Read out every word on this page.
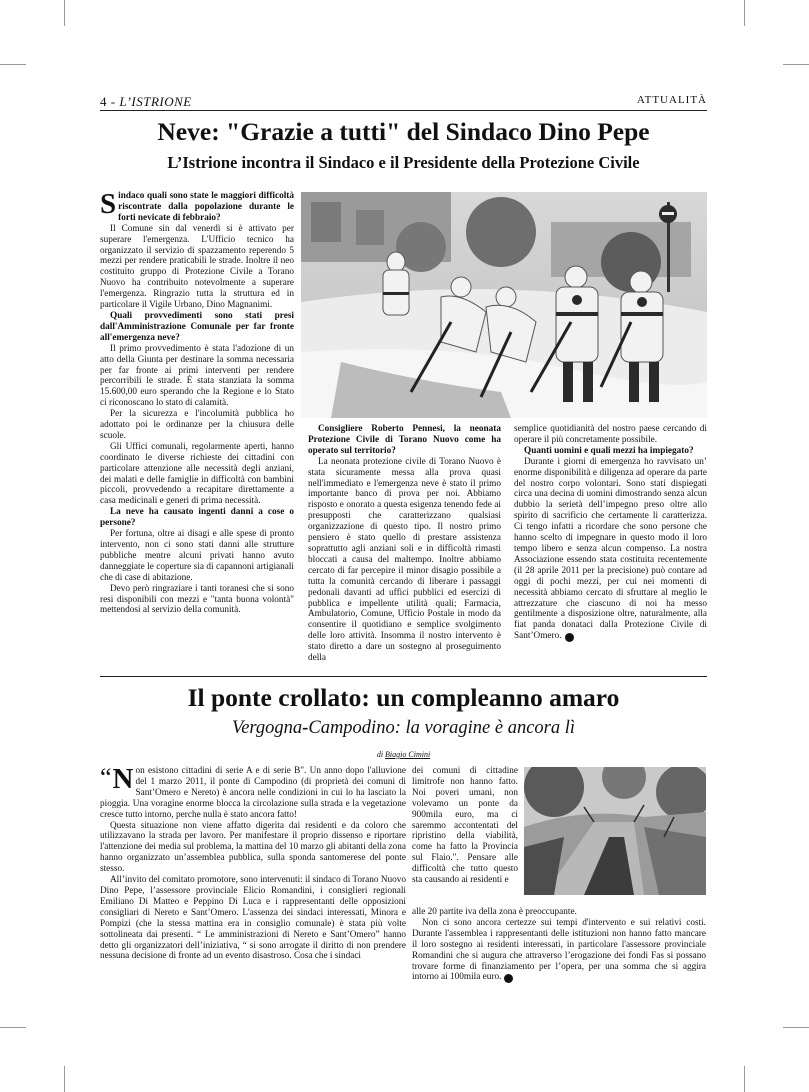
4 - L’ISTRIONE	ATTUALITÀ
Neve: "Grazie a tutti" del Sindaco Dino Pepe
L’Istrione incontra il Sindaco e il Presidente della Protezione Civile

Sindaco quali sono state le maggiori difficoltà riscontrate dalla popolazione durante le forti nevicate di febbraio?

Il Comune sin dal venerdì si è attivato per superare l'emergenza. L'Ufficio tecnico ha organizzato il servizio di spazzamento reperendo 5 mezzi per rendere praticabili le strade. Inoltre il neo costituito gruppo di Protezione Civile a Torano Nuovo ha contribuito notevolmente a superare l'emergenza. Ringrazio tutta la struttura ed in particolare il Vigile Urbano, Dino Magnanimi.

Quali provvedimenti sono stati presi dall'Amministrazione Comunale per far fronte all'emergenza neve?

Il primo provvedimento è stata l'adozione di un atto della Giunta per destinare la somma necessaria per far fronte ai primi interventi per rendere percorribili le strade. È stata stanziata la somma 15.600,00 euro sperando che la Regione e lo Stato ci riconoscano lo stato di calamità.

Per la sicurezza e l'incolumità pubblica ho adottato poi le ordinanze per la chiusura delle scuole.

Gli Uffici comunali, regolarmente aperti, hanno coordinato le diverse richieste dei cittadini con particolare attenzione alle necessità degli anziani, dei malati e delle famiglie in difficoltà con bambini piccoli, provvedendo a recapitare direttamente a casa medicinali e generi di prima necessità.

La neve ha causato ingenti danni a cose o persone?

Per fortuna, oltre ai disagi e alle spese di pronto intervento, non ci sono stati danni alle strutture pubbliche mentre alcuni privati hanno avuto danneggiate le coperture sia di capannoni artigianali che di case di abitazione.

Devo però ringraziare i tanti toranesi che si sono resi disponibili con mezzi e "tanta buona volontà" mettendosi al servizio della comunità.

Consigliere Roberto Pennesi, la neonata Protezione Civile di Torano Nuovo come ha operato sul territorio?

La neonata protezione civile di Torano Nuovo è stata sicuramente messa alla prova quasi nell'immediato e l'emergenza neve è stato il primo importante banco di prova per noi. Abbiamo risposto e onorato a questa esigenza tenendo fede ai presupposti che caratterizzano qualsiasi organizzazione di questo tipo. Il nostro primo pensiero è stato quello di prestare assistenza soprattutto agli anziani soli e in difficoltà rimasti bloccati a causa del maltempo. Inoltre abbiamo cercato di far percepire il minor disagio possibile a tutta la comunità cercando di liberare i passaggi pedonali davanti ad uffici pubblici ed esercizi di pubblica e impellente utilità quali; Farmacia, Ambulatorio, Comune, Ufficio Postale in modo da consentire il quotidiano e semplice svolgimento delle loro attività. Insomma il nostro intervento è stato diretto a dare un sostegno al proseguimento della

semplice quotidianità del nostro paese cercando di operare il più concretamente possibile.

Quanti uomini e quali mezzi ha impiegato?

Durante i giorni di emergenza ho ravvisato un’ enorme disponibilità e diligenza ad operare da parte del nostro corpo volontari. Sono stati dispiegati circa una decina di uomini dimostrando senza alcun dubbio la serietà dell’impegno preso oltre allo spirito di sacrificio che certamente li caratterizza. Ci tengo infatti a ricordare che sono persone che hanno scelto di impegnare in questo modo il loro tempo libero e senza alcun compenso. La nostra Associazione essendo stata costituita recentemente (il 28 aprile 2011 per la precisione) può contare ad oggi di pochi mezzi, per cui nei momenti di necessità abbiamo cercato di sfruttare al meglio le attrezzature che ciascuno di noi ha messo gentilmente a disposizione oltre, naturalmente, alla fiat panda donataci dalla Protezione Civile di Sant’Omero. L

Il ponte crollato: un compleanno amaro
Vergogna-Campodino: la voragine è ancora lì
di Biagio Cimini

“ N on esistono cittadini di serie A e di serie B". Un anno dopo l'alluvione del 1 marzo 2011, il ponte di Campodino (di proprietà dei comuni di Sant’Omero e Nereto) è ancora nelle condizioni in cui lo ha lasciato la pioggia. Una voragine enorme blocca la circolazione sulla strada e la vegetazione cresce tutto intorno, perche nulla è stato ancora fatto!

Questa situazione non viene affatto digerita dai residenti e da coloro che utilizzavano la strada per lavoro. Per manifestare il proprio dissenso e riportare l'attenzione dei media sul problema, la mattina del 10 marzo gli abitanti della zona hanno organizzato un’assemblea pubblica, sulla sponda santomerese del ponte stesso.

All’invito del comitato promotore, sono intervenuti: il sindaco di Torano Nuovo Dino Pepe, l’assessore provinciale Elicio Romandini, i consiglieri regionali Emiliano Di Matteo e Peppino Di Luca e i rappresentanti delle opposizioni consigliari di Nereto e Sant’Omero. L'assenza dei sindaci interessati, Minora e Pompizi (che la stessa mattina era in consiglio comunale) è stata più volte sottolineata dai presenti. “ Le amministrazioni di Nereto e Sant’Omero” hanno detto gli organizzatori dell’iniziativa, “ si sono arrogate il diritto di non prendere nessuna decisione di fronte ad un evento disastroso. Cosa che i sindaci

dei comuni di cittadine limitrofe non hanno fatto. Noi poveri umani, non volevamo un ponte da 900mila euro, ma ci saremmo accontentati del ripristino della viabilità, come ha fatto la Provincia sul Flaio.". Pensare alle difficoltà che tutto questo sta causando ai residenti e

alle 20 partite iva della zona è preoccupante.

Non ci sono ancora certezze sui tempi d'intervento e sui relativi costi. Durante l'assemblea i rappresentanti delle istituzioni non hanno fatto mancare il loro sostegno ai residenti interessati, in particolare l'assessore provinciale Romandini che si augura che attraverso l’erogazione dei fondi Fas si possano trovare forme di finanziamento per l’opera, per una somma che si aggira intorno ai 100mila euro. L
